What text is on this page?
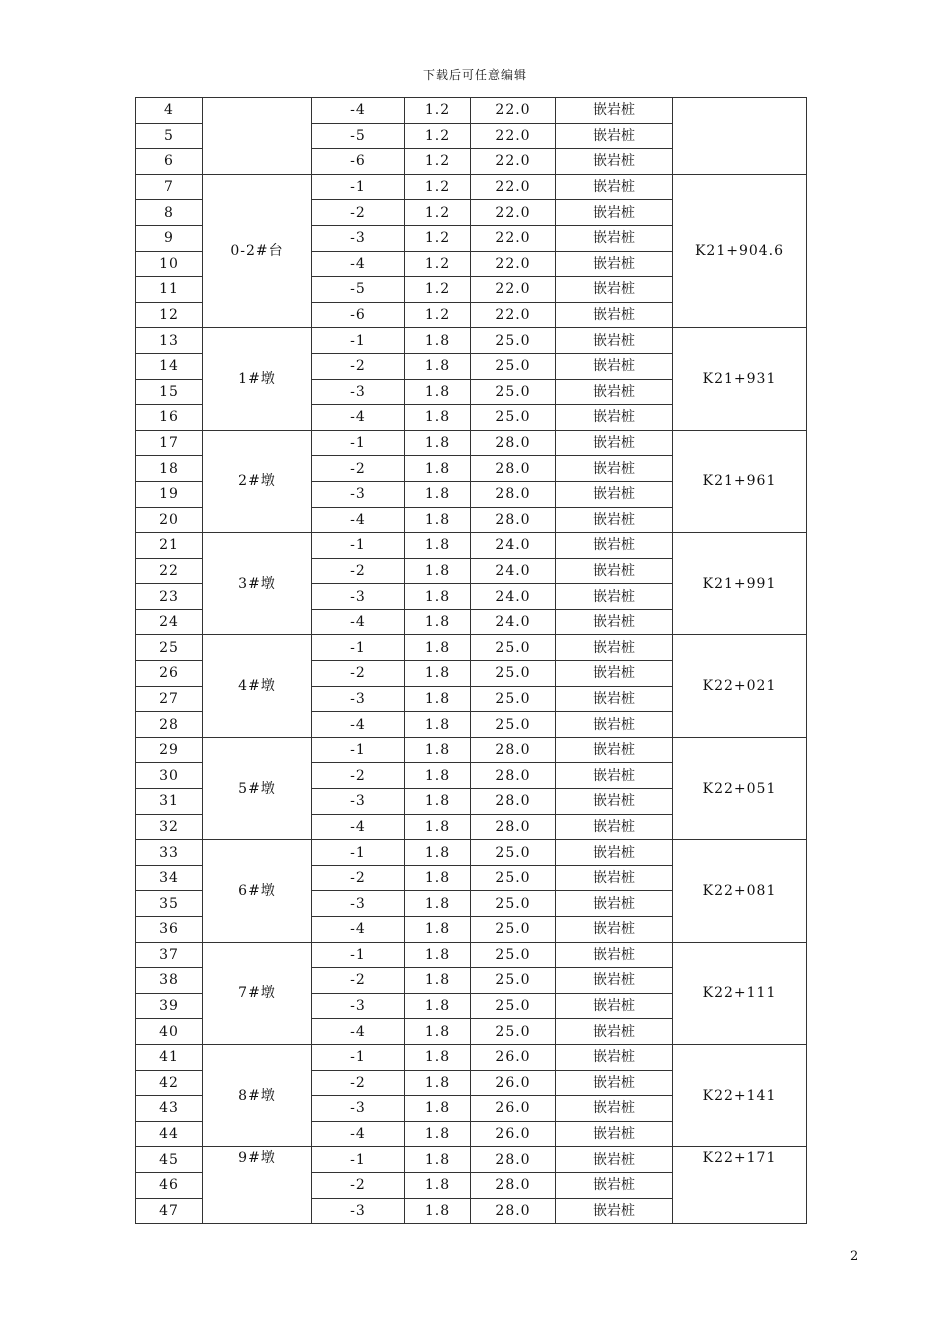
下载后可任意编辑
4		-4	1.2	22.0	嵌岩桩	
5		-5	1.2	22.0	嵌岩桩	
6		-6	1.2	22.0	嵌岩桩	
7	0-2#台	-1	1.2	22.0	嵌岩桩	K21+904.6
8		-2	1.2	22.0	嵌岩桩	
9		-3	1.2	22.0	嵌岩桩	
10		-4	1.2	22.0	嵌岩桩	
11		-5	1.2	22.0	嵌岩桩	
12		-6	1.2	22.0	嵌岩桩	
13	1#墩	-1	1.8	25.0	嵌岩桩	K21+931
14		-2	1.8	25.0	嵌岩桩	
15		-3	1.8	25.0	嵌岩桩	
16		-4	1.8	25.0	嵌岩桩	
17	2#墩	-1	1.8	28.0	嵌岩桩	K21+961
18		-2	1.8	28.0	嵌岩桩	
19		-3	1.8	28.0	嵌岩桩	
20		-4	1.8	28.0	嵌岩桩	
21	3#墩	-1	1.8	24.0	嵌岩桩	K21+991
22		-2	1.8	24.0	嵌岩桩	
23		-3	1.8	24.0	嵌岩桩	
24		-4	1.8	24.0	嵌岩桩	
25	4#墩	-1	1.8	25.0	嵌岩桩	K22+021
26		-2	1.8	25.0	嵌岩桩	
27		-3	1.8	25.0	嵌岩桩	
28		-4	1.8	25.0	嵌岩桩	
29	5#墩	-1	1.8	28.0	嵌岩桩	K22+051
30		-2	1.8	28.0	嵌岩桩	
31		-3	1.8	28.0	嵌岩桩	
32		-4	1.8	28.0	嵌岩桩	
33	6#墩	-1	1.8	25.0	嵌岩桩	K22+081
34		-2	1.8	25.0	嵌岩桩	
35		-3	1.8	25.0	嵌岩桩	
36		-4	1.8	25.0	嵌岩桩	
37	7#墩	-1	1.8	25.0	嵌岩桩	K22+111
38		-2	1.8	25.0	嵌岩桩	
39		-3	1.8	25.0	嵌岩桩	
40		-4	1.8	25.0	嵌岩桩	
41	8#墩	-1	1.8	26.0	嵌岩桩	K22+141
42		-2	1.8	26.0	嵌岩桩	
43		-3	1.8	26.0	嵌岩桩	
44		-4	1.8	26.0	嵌岩桩	
45	9#墩	-1	1.8	28.0	嵌岩桩	K22+171
46		-2	1.8	28.0	嵌岩桩	
47		-3	1.8	28.0	嵌岩桩	
2
